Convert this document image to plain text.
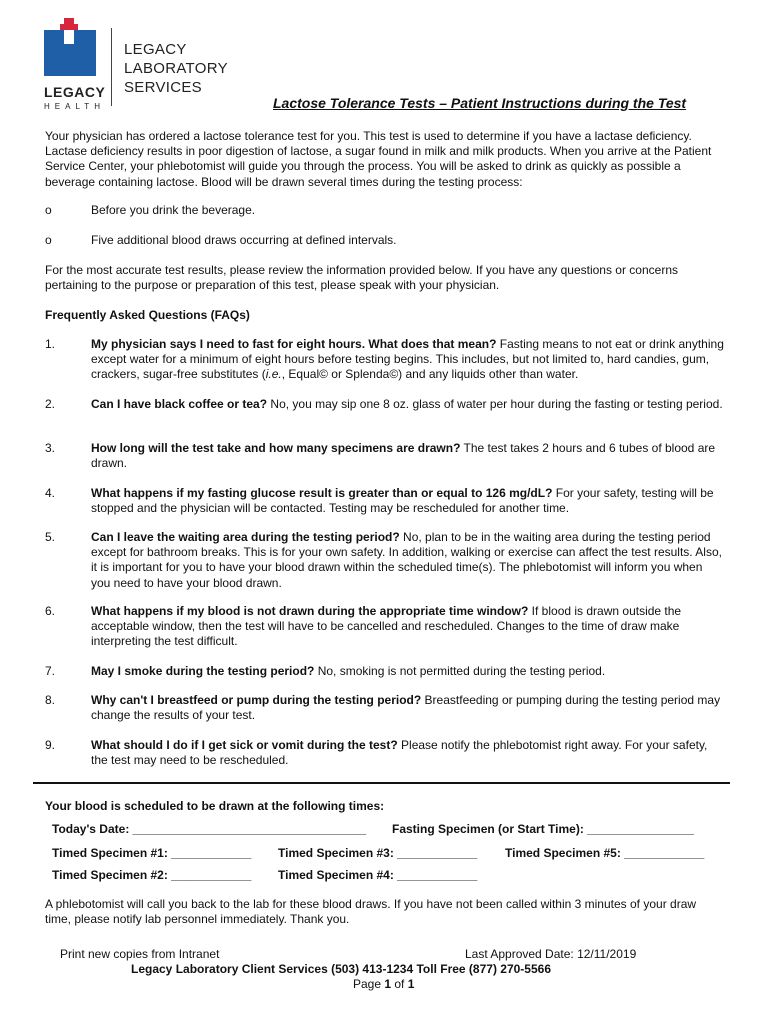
LEGACY
HEALTH
LEGACY
LABORATORY
SERVICES
Lactose Tolerance Tests – Patient Instructions during the Test
Your physician has ordered a lactose tolerance test for you. This test is used to determine if you have a lactase deficiency. Lactase deficiency results in poor digestion of lactose, a sugar found in milk and milk products. When you arrive at the Patient Service Center, your phlebotomist will guide you through the process. You will be asked to drink as quickly as possible a beverage containing lactose. Blood will be drawn several times during the testing process:
o	Before you drink the beverage.
o	Five additional blood draws occurring at defined intervals.
For the most accurate test results, please review the information provided below. If you have any questions or concerns pertaining to the purpose or preparation of this test, please speak with your physician.
Frequently Asked Questions (FAQs)
1.	My physician says I need to fast for eight hours. What does that mean? Fasting means to not eat or drink anything except water for a minimum of eight hours before testing begins. This includes, but not limited to, hard candies, gum, crackers, sugar-free substitutes (i.e., Equal© or Splenda©) and any liquids other than water.
2.	Can I have black coffee or tea? No, you may sip one 8 oz. glass of water per hour during the fasting or testing period.
3.	How long will the test take and how many specimens are drawn? The test takes 2 hours and 6 tubes of blood are drawn.
4.	What happens if my fasting glucose result is greater than or equal to 126 mg/dL? For your safety, testing will be stopped and the physician will be contacted. Testing may be rescheduled for another time.
5.	Can I leave the waiting area during the testing period? No, plan to be in the waiting area during the testing period except for bathroom breaks. This is for your own safety. In addition, walking or exercise can affect the test results. Also, it is important for you to have your blood drawn within the scheduled time(s). The phlebotomist will inform you when you need to have your blood drawn.
6.	What happens if my blood is not drawn during the appropriate time window? If blood is drawn outside the acceptable window, then the test will have to be cancelled and rescheduled. Changes to the time of draw make interpreting the test difficult.
7.	May I smoke during the testing period? No, smoking is not permitted during the testing period.
8.	Why can't I breastfeed or pump during the testing period? Breastfeeding or pumping during the testing period may change the results of your test.
9.	What should I do if I get sick or vomit during the test? Please notify the phlebotomist right away. For your safety, the test may need to be rescheduled.
Your blood is scheduled to be drawn at the following times:
Today's Date: ___________________________________ Fasting Specimen (or Start Time): ________________
Timed Specimen #1: ____________ Timed Specimen #3: ____________ Timed Specimen #5: ____________
Timed Specimen #2: ____________ Timed Specimen #4: ____________
A phlebotomist will call you back to the lab for these blood draws. If you have not been called within 3 minutes of your draw time, please notify lab personnel immediately. Thank you.
Print new copies from Intranet	Last Approved Date: 12/11/2019
Legacy Laboratory Client Services (503) 413-1234 Toll Free (877) 270-5566
Page 1 of 1
